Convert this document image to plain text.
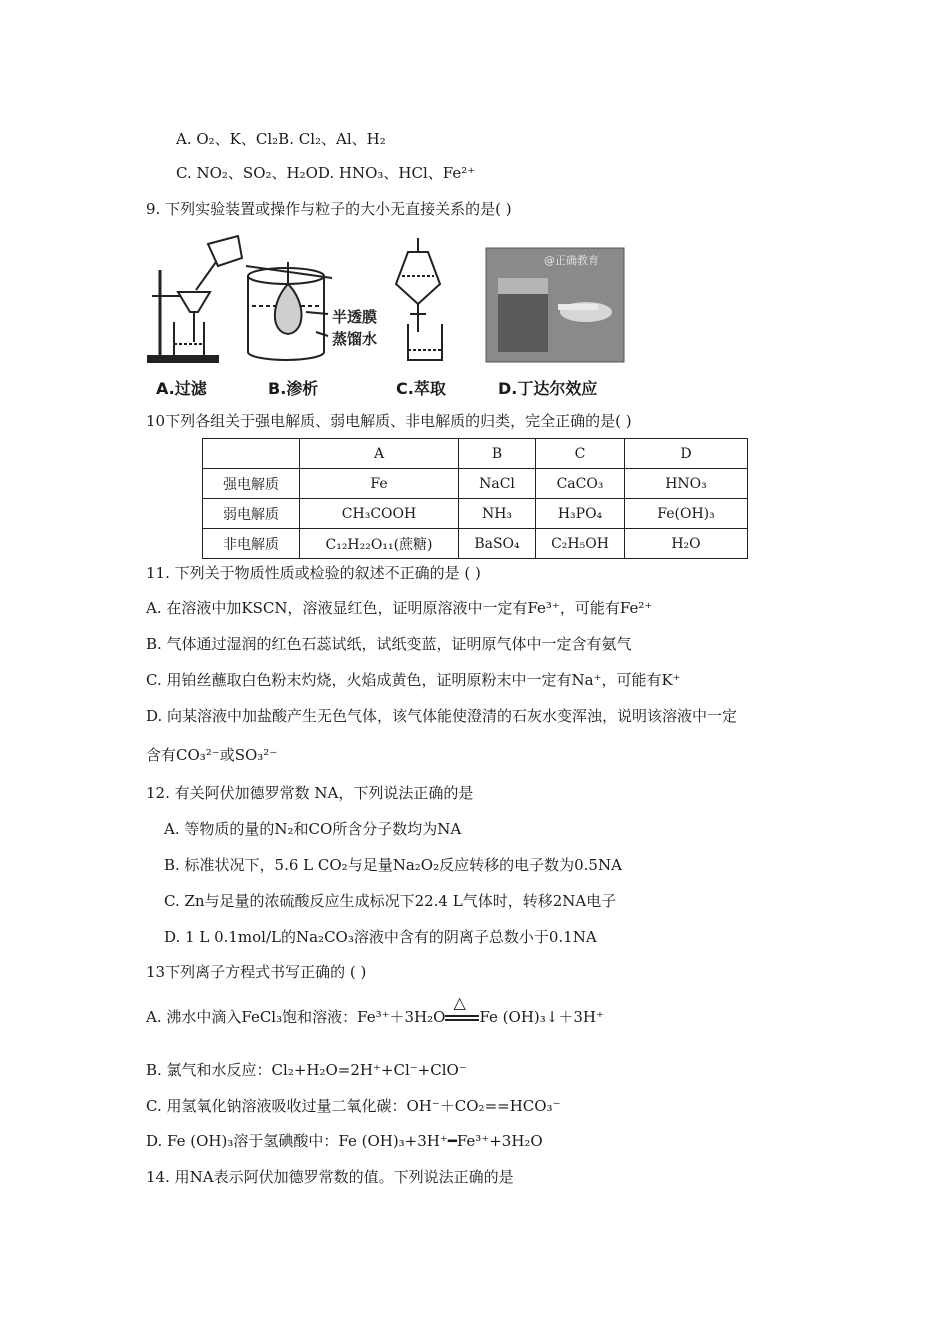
A. O₂、K、Cl₂B. Cl₂、Al、H₂
C. NO₂、SO₂、H₂OD. HNO₃、HCl、Fe²⁺
9. 下列实验装置或操作与粒子的大小无直接关系的是( )
半透膜
蒸馏水
@正确教育
A.过滤	B.渗析	C.萃取	D.丁达尔效应
10下列各组关于强电解质、弱电解质、非电解质的归类，完全正确的是( )
	A	B	C	D
强电解质	Fe	NaCl	CaCO₃	HNO₃
弱电解质	CH₃COOH	NH₃	H₃PO₄	Fe(OH)₃
非电解质	C₁₂H₂₂O₁₁(蔗糖)	BaSO₄	C₂H₅OH	H₂O
11. 下列关于物质性质或检验的叙述不正确的是 ( )
A. 在溶液中加KSCN，溶液显红色，证明原溶液中一定有Fe³⁺，可能有Fe²⁺
B. 气体通过湿润的红色石蕊试纸，试纸变蓝，证明原气体中一定含有氨气
C. 用铂丝蘸取白色粉末灼烧，火焰成黄色，证明原粉末中一定有Na⁺，可能有K⁺
D. 向某溶液中加盐酸产生无色气体，该气体能使澄清的石灰水变浑浊，说明该溶液中一定
含有CO₃²⁻或SO₃²⁻
12. 有关阿伏加德罗常数 NA，下列说法正确的是
A. 等物质的量的N₂和CO所含分子数均为NA
B. 标准状况下，5.6 L CO₂与足量Na₂O₂反应转移的电子数为0.5NA
C. Zn与足量的浓硫酸反应生成标况下22.4 L气体时，转移2NA电子
D. 1 L 0.1mol/L的Na₂CO₃溶液中含有的阴离子总数小于0.1NA
13下列离子方程式书写正确的 ( )
A. 沸水中滴入FeCl₃饱和溶液：Fe³⁺＋3H₂O
△
Fe (OH)₃↓＋3H⁺
B. 氯气和水反应：Cl₂+H₂O=2H⁺+Cl⁻+ClO⁻
C. 用氢氧化钠溶液吸收过量二氧化碳：OH⁻＋CO₂==HCO₃⁻
D. Fe (OH)₃溶于氢碘酸中：Fe (OH)₃+3H⁺━Fe³⁺+3H₂O
14. 用NA表示阿伏加德罗常数的值。下列说法正确的是
